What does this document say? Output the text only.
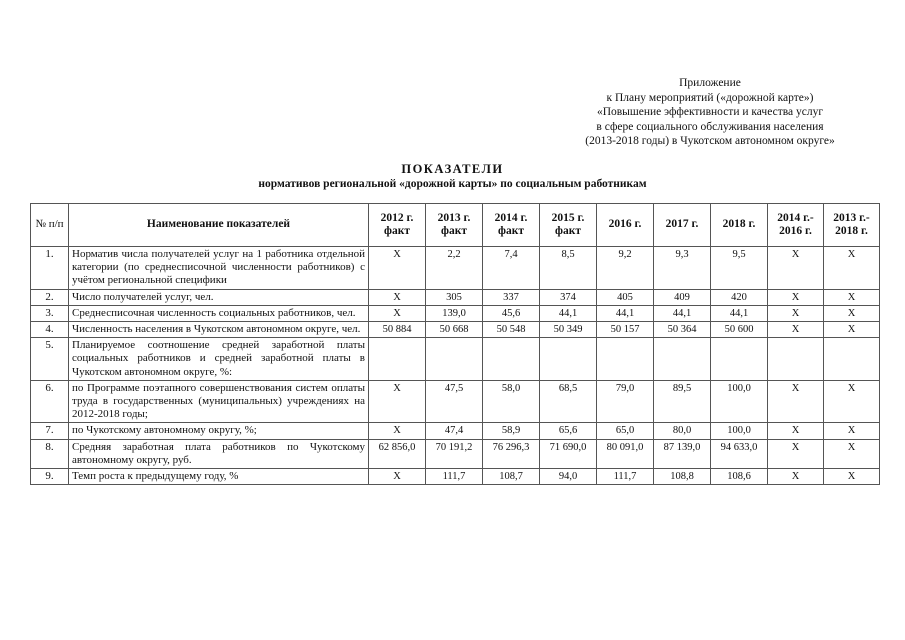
Приложение
к Плану мероприятий («дорожной карте»)
«Повышение эффективности и качества услуг
в сфере социального обслуживания населения
(2013-2018 годы) в Чукотском автономном округе»
ПОКАЗАТЕЛИ
нормативов региональной «дорожной карты» по социальным работникам
№ п/п	Наименование показателей	2012 г. факт	2013 г. факт	2014 г. факт	2015 г. факт	2016 г.	2017 г.	2018 г.	2014 г.- 2016 г.	2013 г.- 2018 г.
1.	Норматив числа получателей услуг на 1 работника отдельной категории (по среднесписочной численности работников) с учётом региональной специфики	Х	2,2	7,4	8,5	9,2	9,3	9,5	Х	Х
2.	Число получателей услуг, чел.	Х	305	337	374	405	409	420	Х	Х
3.	Среднесписочная численность социальных работников, чел.	Х	139,0	45,6	44,1	44,1	44,1	44,1	Х	Х
4.	Численность населения в Чукотском автономном округе, чел.	50 884	50 668	50 548	50 349	50 157	50 364	50 600	Х	Х
5.	Планируемое соотношение средней заработной платы социальных работников и средней заработной платы в Чукотском автономном округе, %:									
6.	по Программе поэтапного совершенствования систем оплаты труда в государственных (муниципальных) учреждениях на 2012-2018 годы;	Х	47,5	58,0	68,5	79,0	89,5	100,0	Х	Х
7.	по Чукотскому автономному округу, %;	Х	47,4	58,9	65,6	65,0	80,0	100,0	Х	Х
8.	Средняя заработная плата работников по Чукотскому автономному округу, руб.	62 856,0	70 191,2	76 296,3	71 690,0	80 091,0	87 139,0	94 633,0	Х	Х
9.	Темп роста к предыдущему году, %	Х	111,7	108,7	94,0	111,7	108,8	108,6	Х	Х
